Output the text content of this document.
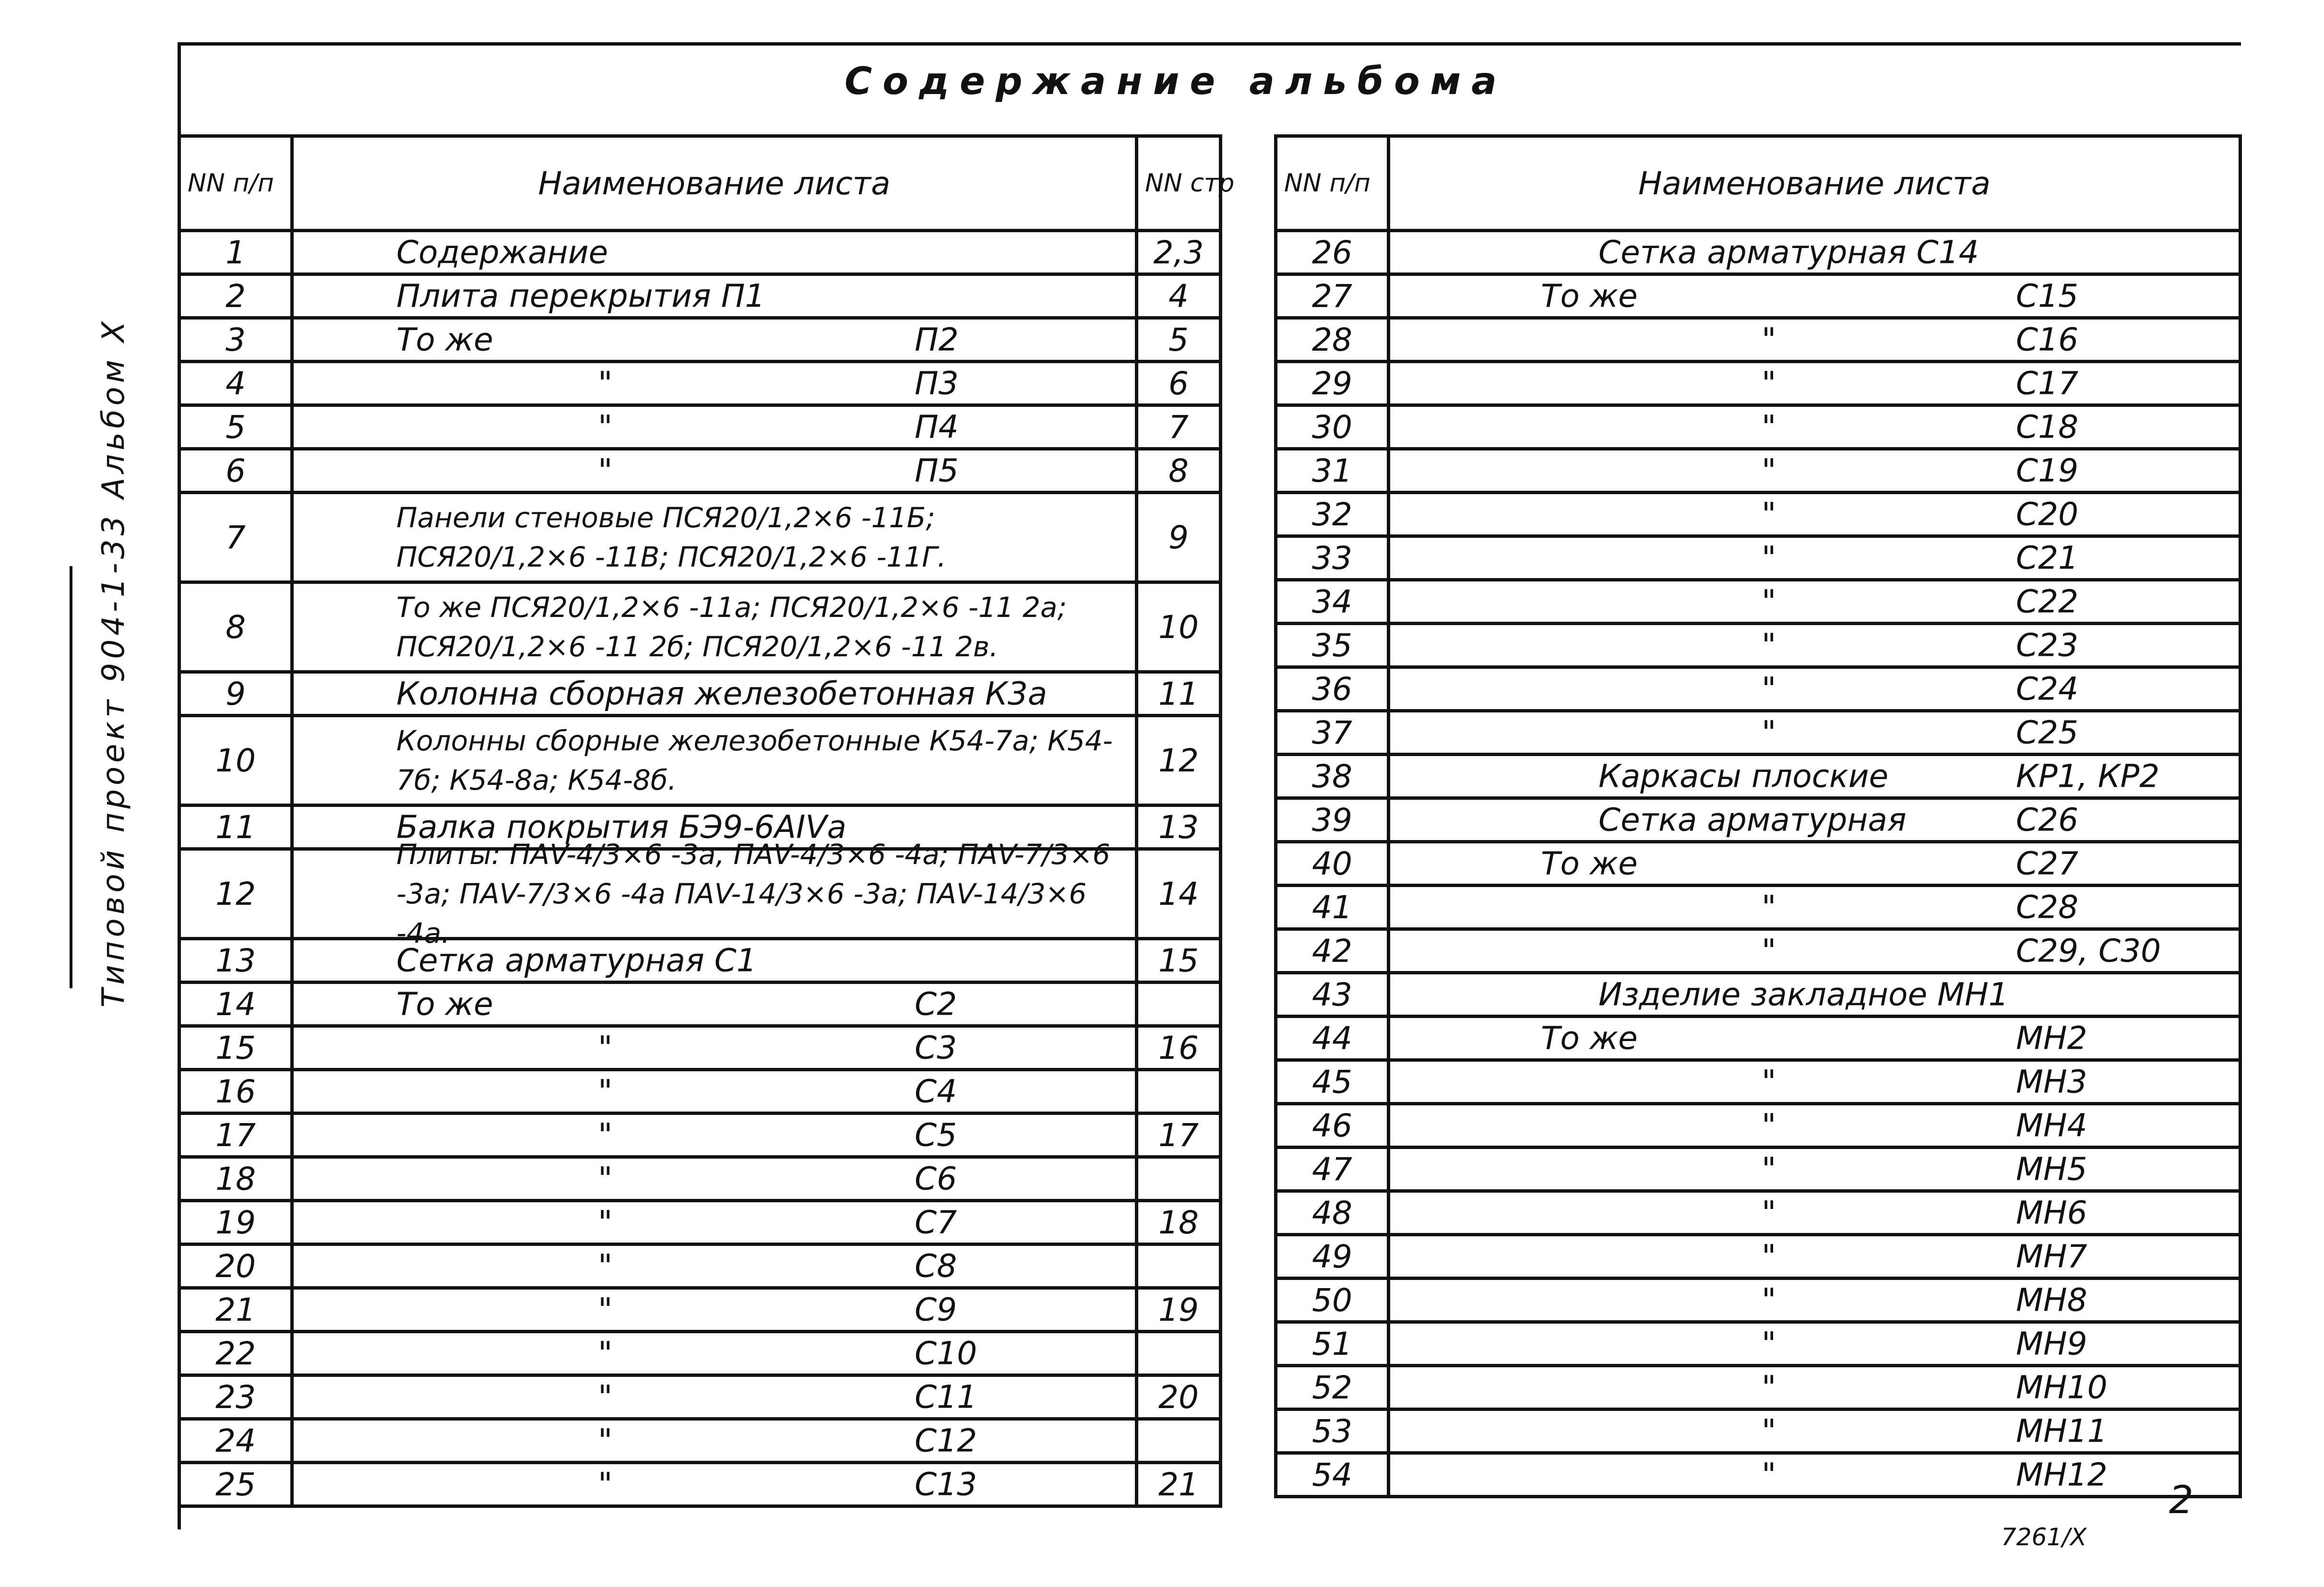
Содержание альбома
Типовой проект 904-1-33 Альбом Х
NN п/п	Наименование листа	NN стр
1	Содержание	2,3
2	Плита перекрытия П1	4
3	То же П2	5
4	" П3	6
5	" П4	7
6	" П5	8
7	Панели стеновые ПСЯ20/1,2×6 -11Б; ПСЯ20/1,2×6 -11В; ПСЯ20/1,2×6 -11Г.	9
8	То же ПСЯ20/1,2×6 -11а; ПСЯ20/1,2×6 -11 2а; ПСЯ20/1,2×6 -11 2б; ПСЯ20/1,2×6 -11 2в.	10
9	Колонна сборная железобетонная К3а	11
10	Колонны сборные железобетонные К54-7а; К54-7б; К54-8а; К54-8б.	12
11	Балка покрытия БЭ9-6АIVа	13
12	Плиты: ПАV-4/3×6 -3а, ПАV-4/3×6 -4а; ПАV-7/3×6 -3а; ПАV-7/3×6 -4а ПАV-14/3×6 -3а; ПАV-14/3×6 -4а.	14
13	Сетка арматурная С1	15
14	То же С2	

15	" С3	16
16	" С4	

17	" С5	17
18	" С6	

19	" С7	18
20	" С8	

21	" С9	19
22	" С10	

23	" С11	20
24	" С12	

25	" С13	21
NN п/п	Наименование листа
26	Сетка арматурная С14

27	То же С15

28	" С16

29	" С17

30	" С18

31	" С19

32	" С20

33	" С21

34	" С22

35	" С23

36	" С24

37	" С25

38	Каркасы плоские КР1, КР2

39	Сетка арматурная С26

40	То же С27

41	" С28

42	" С29, С30

43	Изделие закладное МН1

44	То же МН2

45	" МН3

46	" МН4

47	" МН5

48	" МН6

49	" МН7

50	" МН8

51	" МН9

52	" МН10

53	" МН11

54	" МН12
2
7261/Х
